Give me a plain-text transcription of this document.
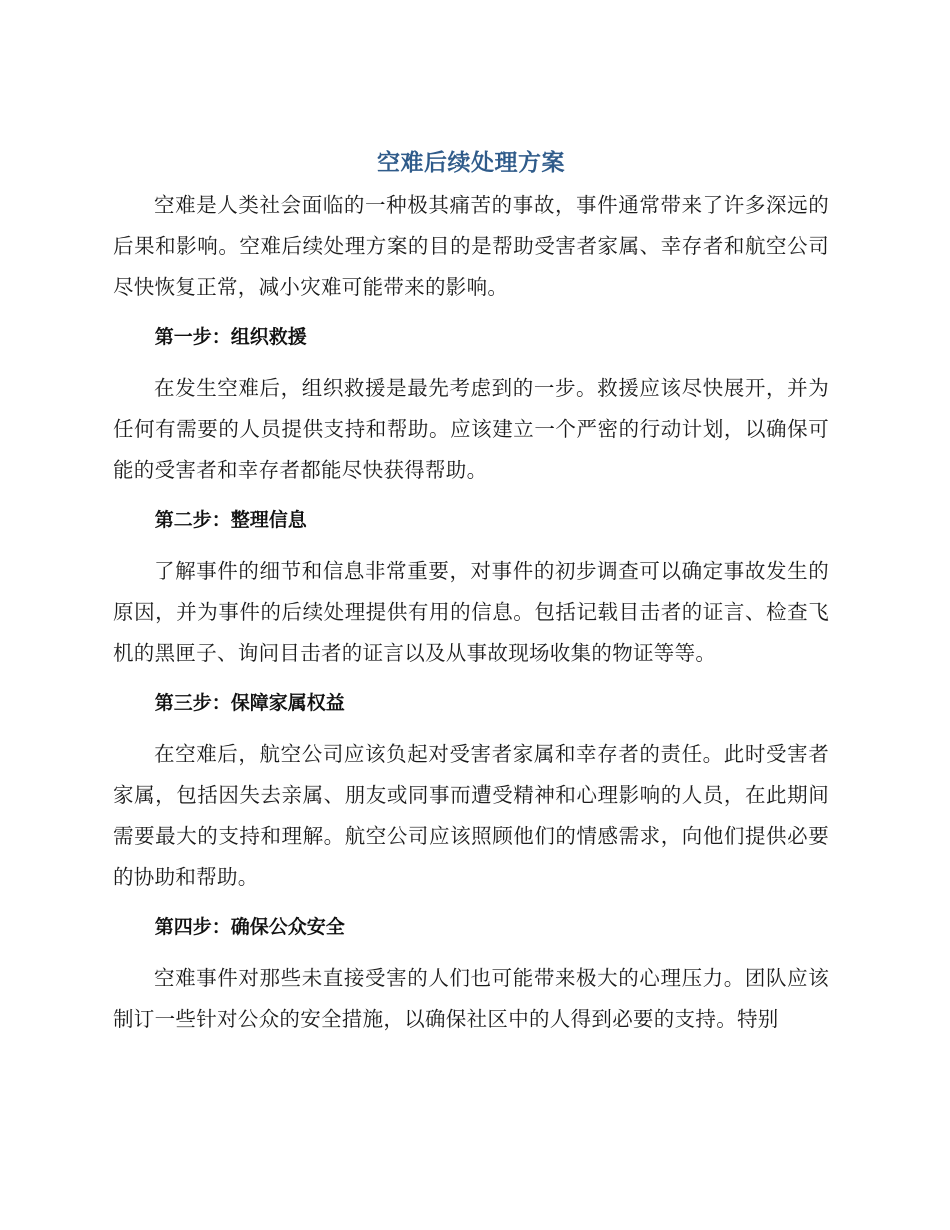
空难后续处理方案

空难是人类社会面临的一种极其痛苦的事故，事件通常带来了许多深远的后果和影响。空难后续处理方案的目的是帮助受害者家属、幸存者和航空公司尽快恢复正常，减小灾难可能带来的影响。

第一步：组织救援

在发生空难后，组织救援是最先考虑到的一步。救援应该尽快展开，并为任何有需要的人员提供支持和帮助。应该建立一个严密的行动计划，以确保可能的受害者和幸存者都能尽快获得帮助。

第二步：整理信息

了解事件的细节和信息非常重要，对事件的初步调查可以确定事故发生的原因，并为事件的后续处理提供有用的信息。包括记载目击者的证言、检查飞机的黑匣子、询问目击者的证言以及从事故现场收集的物证等等。

第三步：保障家属权益

在空难后，航空公司应该负起对受害者家属和幸存者的责任。此时受害者家属，包括因失去亲属、朋友或同事而遭受精神和心理影响的人员，在此期间需要最大的支持和理解。航空公司应该照顾他们的情感需求，向他们提供必要的协助和帮助。

第四步：确保公众安全

空难事件对那些未直接受害的人们也可能带来极大的心理压力。团队应该制订一些针对公众的安全措施，以确保社区中的人得到必要的支持。特别
